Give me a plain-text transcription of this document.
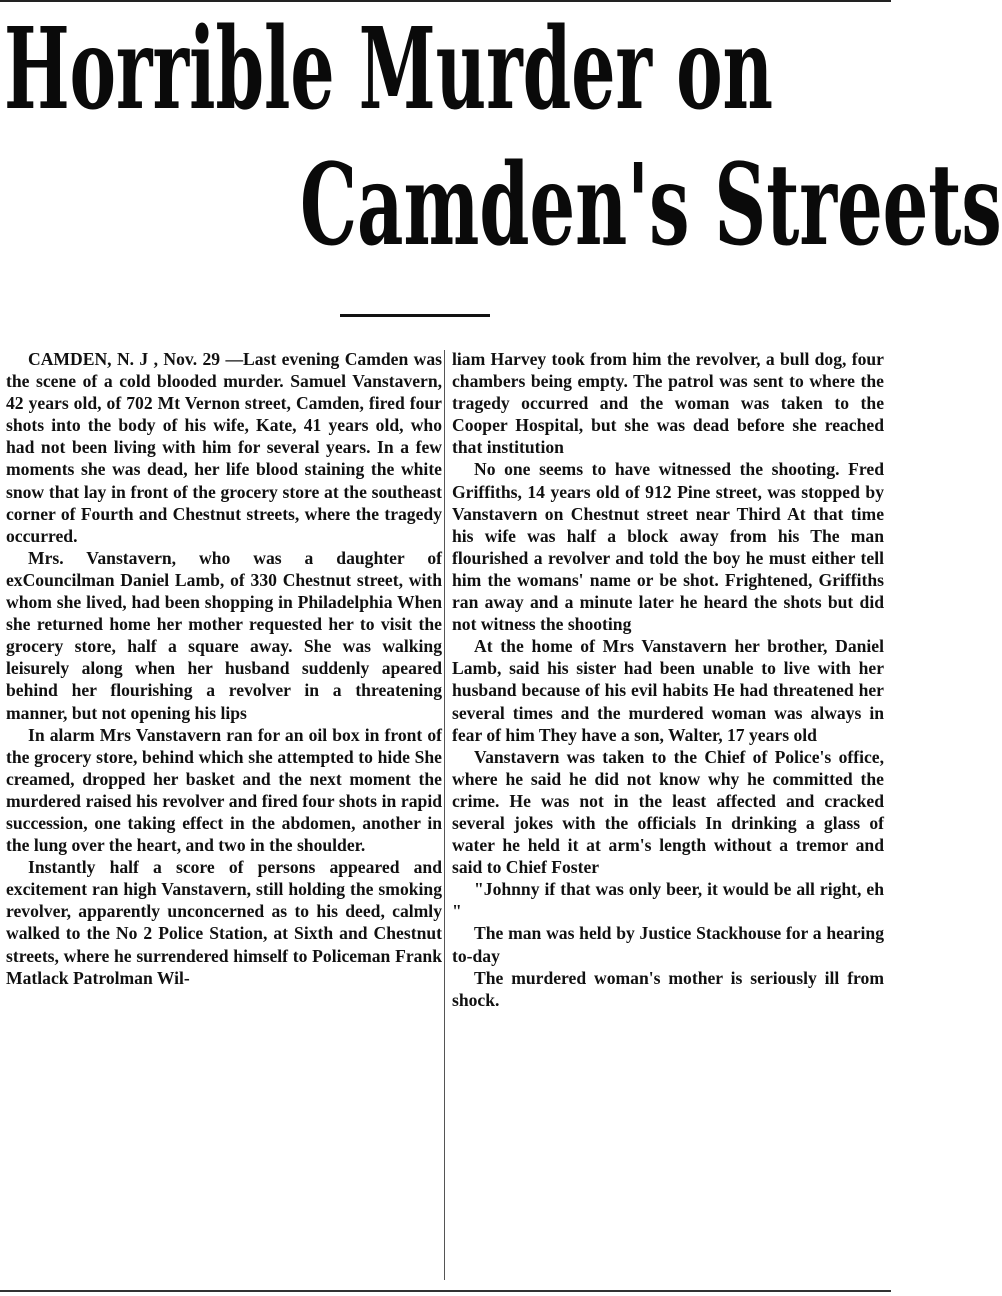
Horrible Murder on
Camden's Streets

CAMDEN, N. J , Nov. 29 —Last evening Camden was the scene of a cold blooded murder. Samuel Vanstavern, 42 years old, of 702 Mt Vernon street, Camden, fired four shots into the body of his wife, Kate, 41 years old, who had not been living with him for several years. In a few moments she was dead, her life blood staining the white snow that lay in front of the grocery store at the southeast corner of Fourth and Chestnut streets, where the tragedy occurred.

Mrs. Vanstavern, who was a daughter of exCouncilman Daniel Lamb, of 330 Chestnut street, with whom she lived, had been shopping in Philadelphia When she returned home her mother requested her to visit the grocery store, half a square away. She was walking leisurely along when her husband suddenly apeared behind her flourishing a revolver in a threatening manner, but not opening his lips

In alarm Mrs Vanstavern ran for an oil box in front of the grocery store, behind which she attempted to hide She creamed, dropped her basket and the next moment the murdered raised his revolver and fired four shots in rapid succession, one taking effect in the abdomen, another in the lung over the heart, and two in the shoulder.

Instantly half a score of persons appeared and excitement ran high Vanstavern, still holding the smoking revolver, apparently unconcerned as to his deed, calmly walked to the No 2 Police Station, at Sixth and Chestnut streets, where he surrendered himself to Policeman Frank Matlack Patrolman Wil-

liam Harvey took from him the revolver, a bull dog, four chambers being empty. The patrol was sent to where the tragedy occurred and the woman was taken to the Cooper Hospital, but she was dead before she reached that institution

No one seems to have witnessed the shooting. Fred Griffiths, 14 years old of 912 Pine street, was stopped by Vanstavern on Chestnut street near Third At that time his wife was half a block away from his The man flourished a revolver and told the boy he must either tell him the womans' name or be shot. Frightened, Griffiths ran away and a minute later he heard the shots but did not witness the shooting

At the home of Mrs Vanstavern her brother, Daniel Lamb, said his sister had been unable to live with her husband because of his evil habits He had threatened her several times and the murdered woman was always in fear of him They have a son, Walter, 17 years old

Vanstavern was taken to the Chief of Police's office, where he said he did not know why he committed the crime. He was not in the least affected and cracked several jokes with the officials In drinking a glass of water he held it at arm's length without a tremor and said to Chief Foster

"Johnny if that was only beer, it would be all right, eh "

The man was held by Justice Stackhouse for a hearing to-day

The murdered woman's mother is seriously ill from shock.
